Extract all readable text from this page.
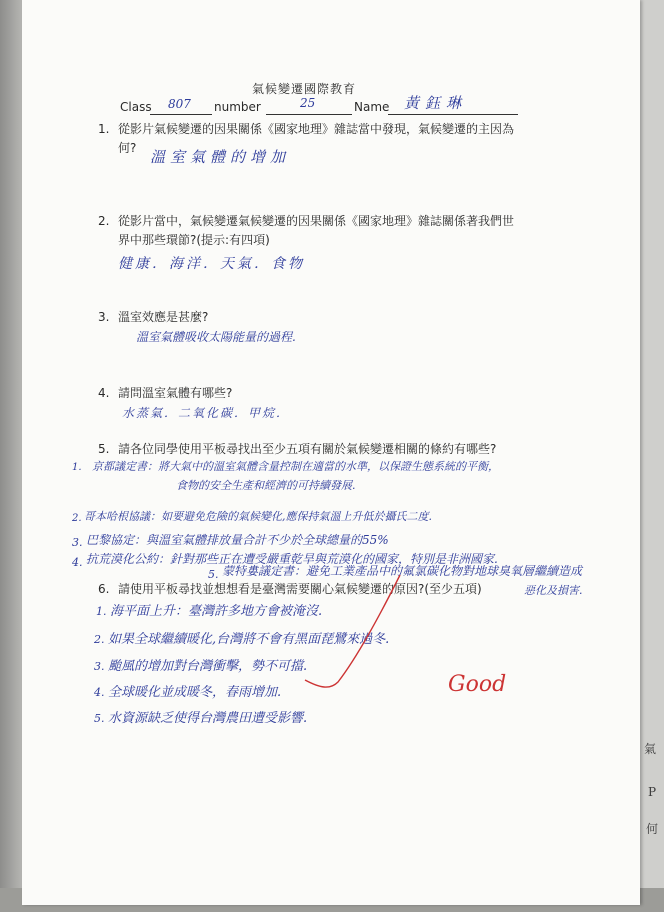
氣候變遷國際教育
Class 807 number	25	Name 黃鈺琳
1. 從影片氣候變遷的因果關係《國家地理》雜誌當中發現，氣候變遷的主因為
何? 溫室氣體的增加
2. 從影片當中，氣候變遷氣候變遷的因果關係《國家地理》雜誌關係著我們世
界中那些環節?(提示:有四項)
健康．海洋．天氣．食物
3. 溫室效應是甚麼?
溫室氣體吸收太陽能量的過程.
4. 請問溫室氣體有哪些?
水蒸氣．二氧化碳．甲烷．
5. 請各位同學使用平板尋找出至少五項有關於氣候變遷相關的條約有哪些?
1. 京都議定書：將大氣中的溫室氣體含量控制在適當的水準，以保證生態系統的平衡，
食物的安全生產和經濟的可持續發展.
2. 哥本哈根協議：如要避免危險的氣候變化,應保持氣溫上升低於攝氏二度.
3. 巴黎協定：與溫室氣體排放量合計不少於全球總量的55%
4. 抗荒漠化公約：針對那些正在遭受嚴重乾旱與荒漠化的國家，特別是非洲國家.
5. 蒙特婁議定書：避免工業產品中的氟氯碳化物對地球臭氧層繼續造成
6. 請使用平板尋找並想想看是臺灣需要關心氣候變遷的原因?(至少五項)	惡化及損害.
1. 海平面上升：臺灣許多地方會被淹沒.
2. 如果全球繼續暖化,台灣將不會有黑面琵鷺來過冬.
3. 颱風的增加對台灣衝擊，勢不可擋.
4. 全球暖化並成暖冬，春雨增加.
5. 水資源缺乏使得台灣農田遭受影響.
Good
氣
P
何
